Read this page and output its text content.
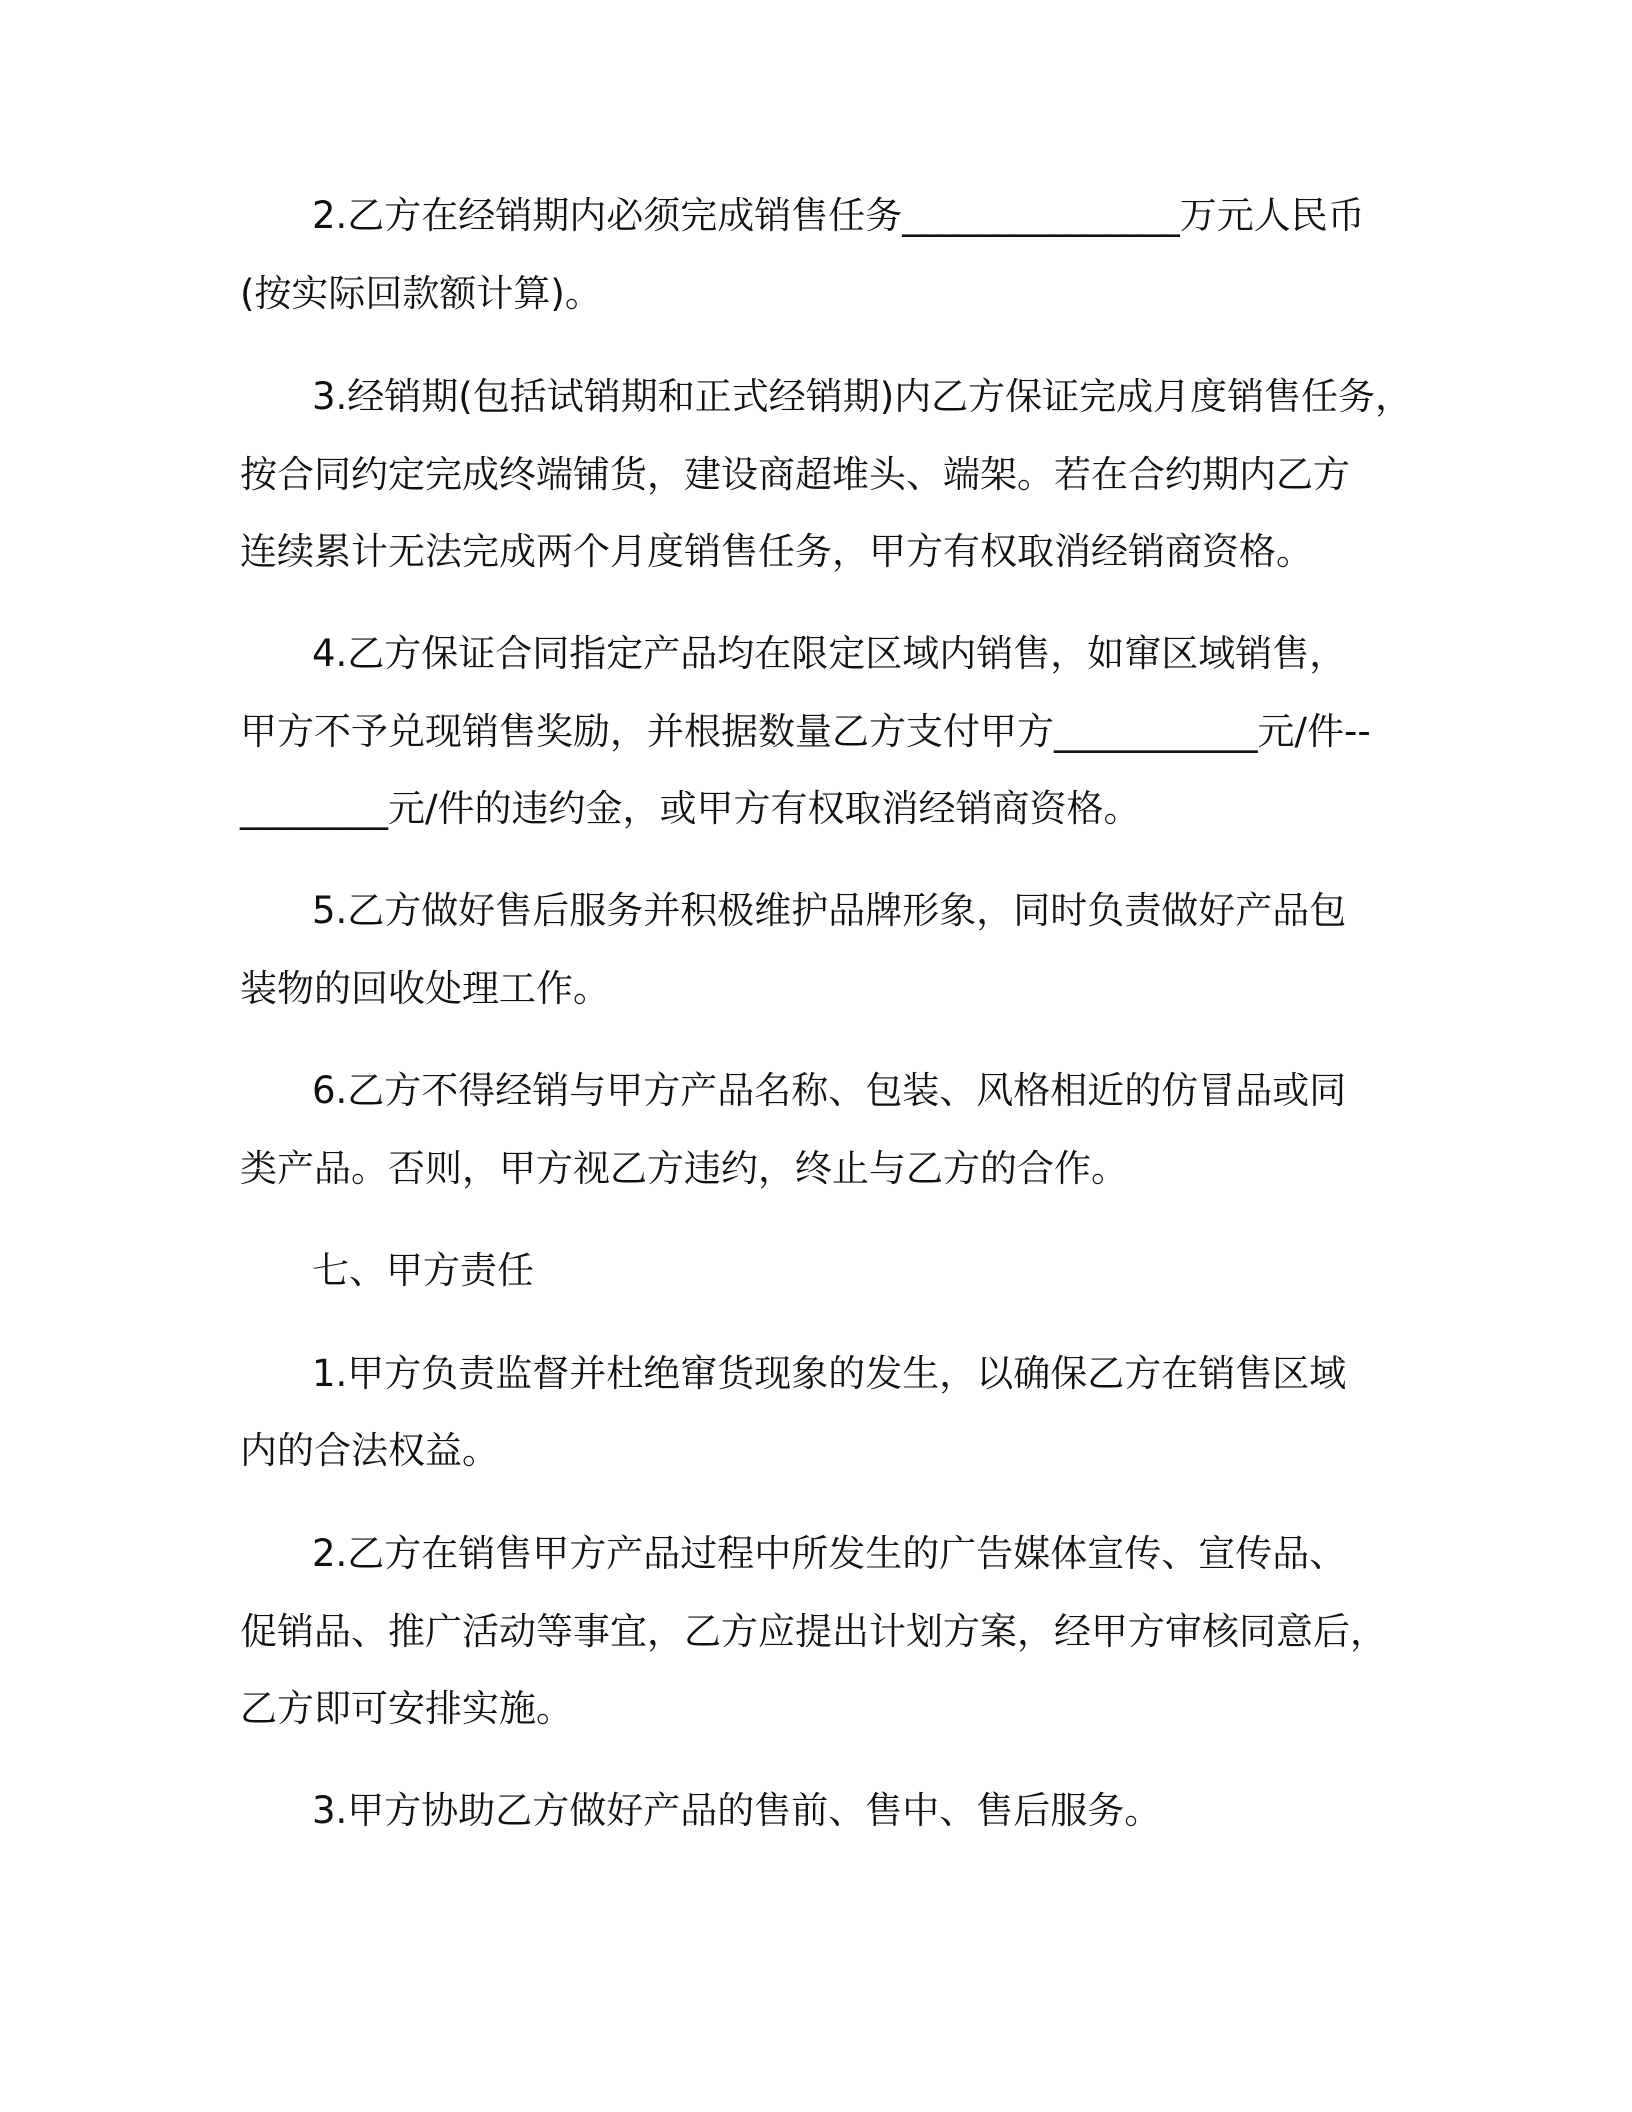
2.乙方在经销期内必须完成销售任务_______________万元人民币
(按实际回款额计算)。
3.经销期(包括试销期和正式经销期)内乙方保证完成月度销售任务，
按合同约定完成终端铺货，建设商超堆头、端架。若在合约期内乙方
连续累计无法完成两个月度销售任务，甲方有权取消经销商资格。
4.乙方保证合同指定产品均在限定区域内销售，如窜区域销售，
甲方不予兑现销售奖励，并根据数量乙方支付甲方___________元/件--
________元/件的违约金，或甲方有权取消经销商资格。
5.乙方做好售后服务并积极维护品牌形象，同时负责做好产品包
装物的回收处理工作。
6.乙方不得经销与甲方产品名称、包装、风格相近的仿冒品或同
类产品。否则，甲方视乙方违约，终止与乙方的合作。
七、甲方责任
1.甲方负责监督并杜绝窜货现象的发生，以确保乙方在销售区域
内的合法权益。
2.乙方在销售甲方产品过程中所发生的广告媒体宣传、宣传品、
促销品、推广活动等事宜，乙方应提出计划方案，经甲方审核同意后，
乙方即可安排实施。
3.甲方协助乙方做好产品的售前、售中、售后服务。
